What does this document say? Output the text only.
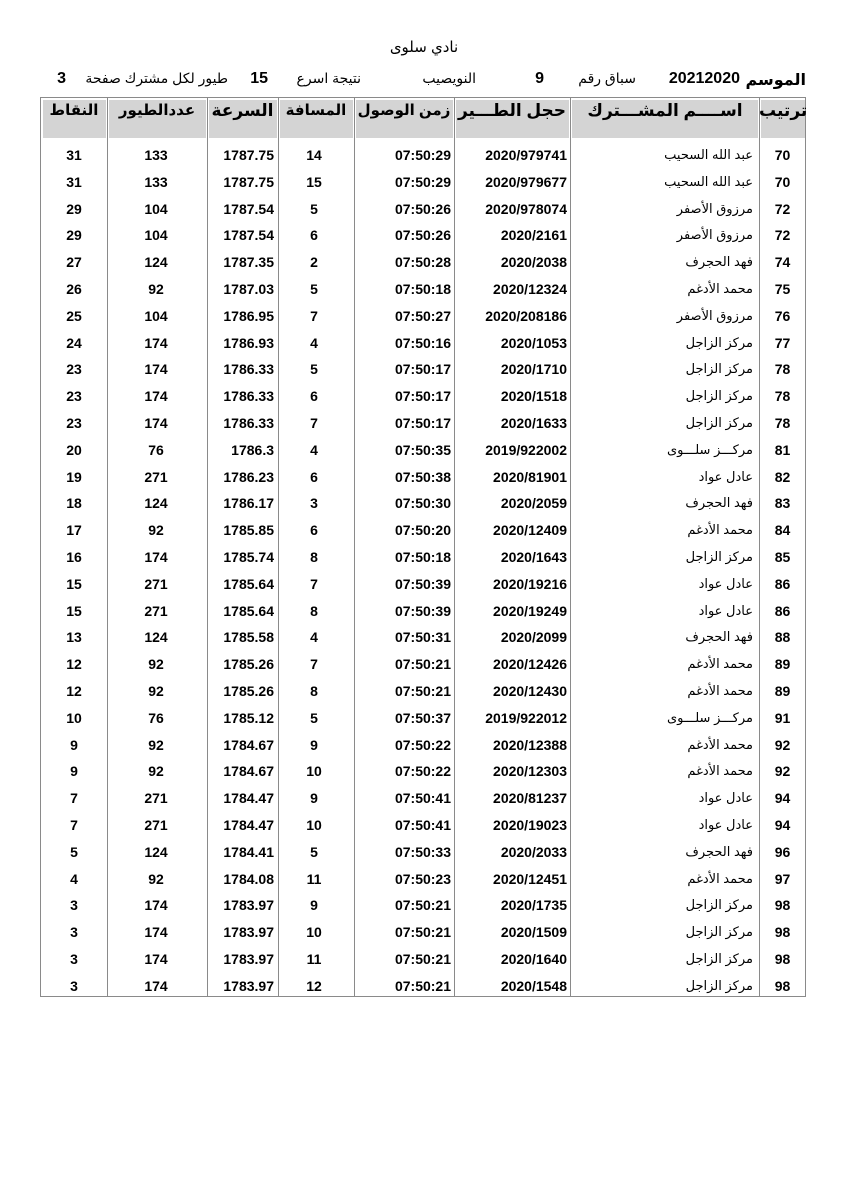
نادي سلوى
الموسم
20212020
سباق رقم
9
النويصيب
نتيجة اسرع
15
طيور لكل مشترك صفحة
3
ترتيب
اســــم المشـــترك
حجل الطـــير
زمن الوصول
المسافة
السرعة
عددالطيور
النقاط
70
عبد الله السحيب
2020/979741
07:50:29
14
1787.75
133
31
70
عبد الله السحيب
2020/979677
07:50:29
15
1787.75
133
31
72
مرزوق الأصفر
2020/978074
07:50:26
5
1787.54
104
29
72
مرزوق الأصفر
2020/2161
07:50:26
6
1787.54
104
29
74
فهد الحجرف
2020/2038
07:50:28
2
1787.35
124
27
75
محمد الأدغم
2020/12324
07:50:18
5
1787.03
92
26
76
مرزوق الأصفر
2020/208186
07:50:27
7
1786.95
104
25
77
مركز الزاجل
2020/1053
07:50:16
4
1786.93
174
24
78
مركز الزاجل
2020/1710
07:50:17
5
1786.33
174
23
78
مركز الزاجل
2020/1518
07:50:17
6
1786.33
174
23
78
مركز الزاجل
2020/1633
07:50:17
7
1786.33
174
23
81
مركـــز سلـــوى
2019/922002
07:50:35
4
1786.3
76
20
82
عادل عواد
2020/81901
07:50:38
6
1786.23
271
19
83
فهد الحجرف
2020/2059
07:50:30
3
1786.17
124
18
84
محمد الأدغم
2020/12409
07:50:20
6
1785.85
92
17
85
مركز الزاجل
2020/1643
07:50:18
8
1785.74
174
16
86
عادل عواد
2020/19216
07:50:39
7
1785.64
271
15
86
عادل عواد
2020/19249
07:50:39
8
1785.64
271
15
88
فهد الحجرف
2020/2099
07:50:31
4
1785.58
124
13
89
محمد الأدغم
2020/12426
07:50:21
7
1785.26
92
12
89
محمد الأدغم
2020/12430
07:50:21
8
1785.26
92
12
91
مركـــز سلـــوى
2019/922012
07:50:37
5
1785.12
76
10
92
محمد الأدغم
2020/12388
07:50:22
9
1784.67
92
9
92
محمد الأدغم
2020/12303
07:50:22
10
1784.67
92
9
94
عادل عواد
2020/81237
07:50:41
9
1784.47
271
7
94
عادل عواد
2020/19023
07:50:41
10
1784.47
271
7
96
فهد الحجرف
2020/2033
07:50:33
5
1784.41
124
5
97
محمد الأدغم
2020/12451
07:50:23
11
1784.08
92
4
98
مركز الزاجل
2020/1735
07:50:21
9
1783.97
174
3
98
مركز الزاجل
2020/1509
07:50:21
10
1783.97
174
3
98
مركز الزاجل
2020/1640
07:50:21
11
1783.97
174
3
98
مركز الزاجل
2020/1548
07:50:21
12
1783.97
174
3
